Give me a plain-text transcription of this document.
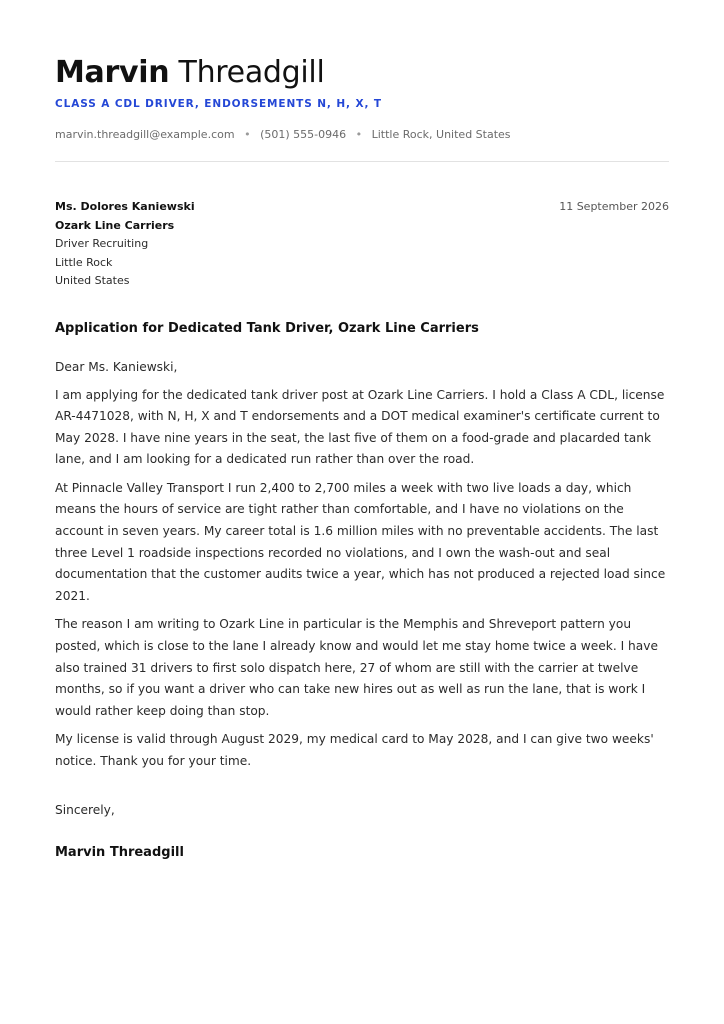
Marvin Threadgill
CLASS A CDL DRIVER, ENDORSEMENTS N, H, X, T
marvin.threadgill@example.com • (501) 555-0946 • Little Rock, United States
Ms. Dolores Kaniewski
Ozark Line Carriers
Driver Recruiting
Little Rock
United States
11 September 2026
Application for Dedicated Tank Driver, Ozark Line Carriers
Dear Ms. Kaniewski,
I am applying for the dedicated tank driver post at Ozark Line Carriers. I hold a Class A CDL, license AR-4471028, with N, H, X and T endorsements and a DOT medical examiner's certificate current to May 2028. I have nine years in the seat, the last five of them on a food-grade and placarded tank lane, and I am looking for a dedicated run rather than over the road.
At Pinnacle Valley Transport I run 2,400 to 2,700 miles a week with two live loads a day, which means the hours of service are tight rather than comfortable, and I have no violations on the account in seven years. My career total is 1.6 million miles with no preventable accidents. The last three Level 1 roadside inspections recorded no violations, and I own the wash-out and seal documentation that the customer audits twice a year, which has not produced a rejected load since 2021.
The reason I am writing to Ozark Line in particular is the Memphis and Shreveport pattern you posted, which is close to the lane I already know and would let me stay home twice a week. I have also trained 31 drivers to first solo dispatch here, 27 of whom are still with the carrier at twelve months, so if you want a driver who can take new hires out as well as run the lane, that is work I would rather keep doing than stop.
My license is valid through August 2029, my medical card to May 2028, and I can give two weeks' notice. Thank you for your time.
Sincerely,
Marvin Threadgill
